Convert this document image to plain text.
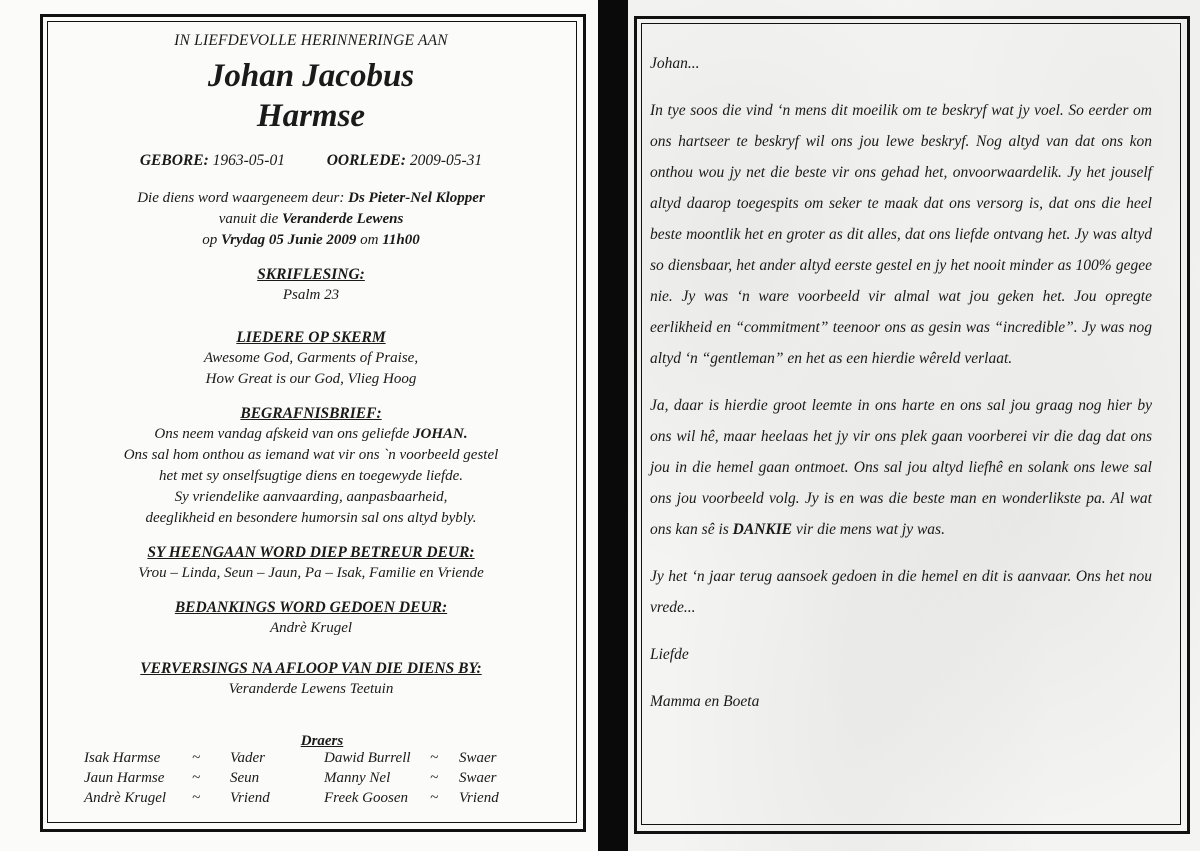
IN LIEFDEVOLLE HERINNERINGE AAN
Johan Jacobus
Harmse
GEBORE: 1963-05-01	OORLEDE: 2009-05-31
Die diens word waargeneem deur: Ds Pieter-Nel Klopper
vanuit die Veranderde Lewens
op Vrydag 05 Junie 2009 om 11h00
SKRIFLESING:
Psalm 23
LIEDERE OP SKERM
Awesome God, Garments of Praise,
How Great is our God, Vlieg Hoog
BEGRAFNISBRIEF:
Ons neem vandag afskeid van ons geliefde JOHAN.
Ons sal hom onthou as iemand wat vir ons `n voorbeeld gestel
het met sy onselfsugtige diens en toegewyde liefde.
Sy vriendelike aanvaarding, aanpasbaarheid,
deeglikheid en besondere humorsin sal ons altyd bybly.
SY HEENGAAN WORD DIEP BETREUR DEUR:
Vrou – Linda, Seun – Jaun, Pa – Isak, Familie en Vriende
BEDANKINGS WORD GEDOEN DEUR:
Andrè Krugel
VERVERSINGS NA AFLOOP VAN DIE DIENS BY:
Veranderde Lewens Teetuin
Draers
Isak Harmse ~ Vader	Dawid Burrell ~ Swaer
Jaun Harmse ~ Seun	Manny Nel	~ Swaer
Andrè Krugel ~ Vriend	Freek Goosen ~ Vriend

Johan...

In tye soos die vind ‘n mens dit moeilik om te beskryf wat jy voel. So eerder om ons hartseer te beskryf wil ons jou lewe beskryf. Nog altyd van dat ons kon onthou wou jy net die beste vir ons gehad het, onvoorwaardelik. Jy het jouself altyd daarop toegespits om seker te maak dat ons versorg is, dat ons die heel beste moontlik het en groter as dit alles, dat ons liefde ontvang het. Jy was altyd so diensbaar, het ander altyd eerste gestel en jy het nooit minder as 100% gegee nie. Jy was ‘n ware voorbeeld vir almal wat jou geken het. Jou opregte eerlikheid en “commitment” teenoor ons as gesin was “incredible”. Jy was nog altyd ‘n “gentleman” en het as een hierdie wêreld verlaat.

Ja, daar is hierdie groot leemte in ons harte en ons sal jou graag nog hier by ons wil hê, maar heelaas het jy vir ons plek gaan voorberei vir die dag dat ons jou in die hemel gaan ontmoet. Ons sal jou altyd liefhê en solank ons lewe sal ons jou voorbeeld volg. Jy is en was die beste man en wonderlikste pa. Al wat ons kan sê is DANKIE vir die mens wat jy was.

Jy het ‘n jaar terug aansoek gedoen in die hemel en dit is aanvaar. Ons het nou vrede...

Liefde

Mamma en Boeta
